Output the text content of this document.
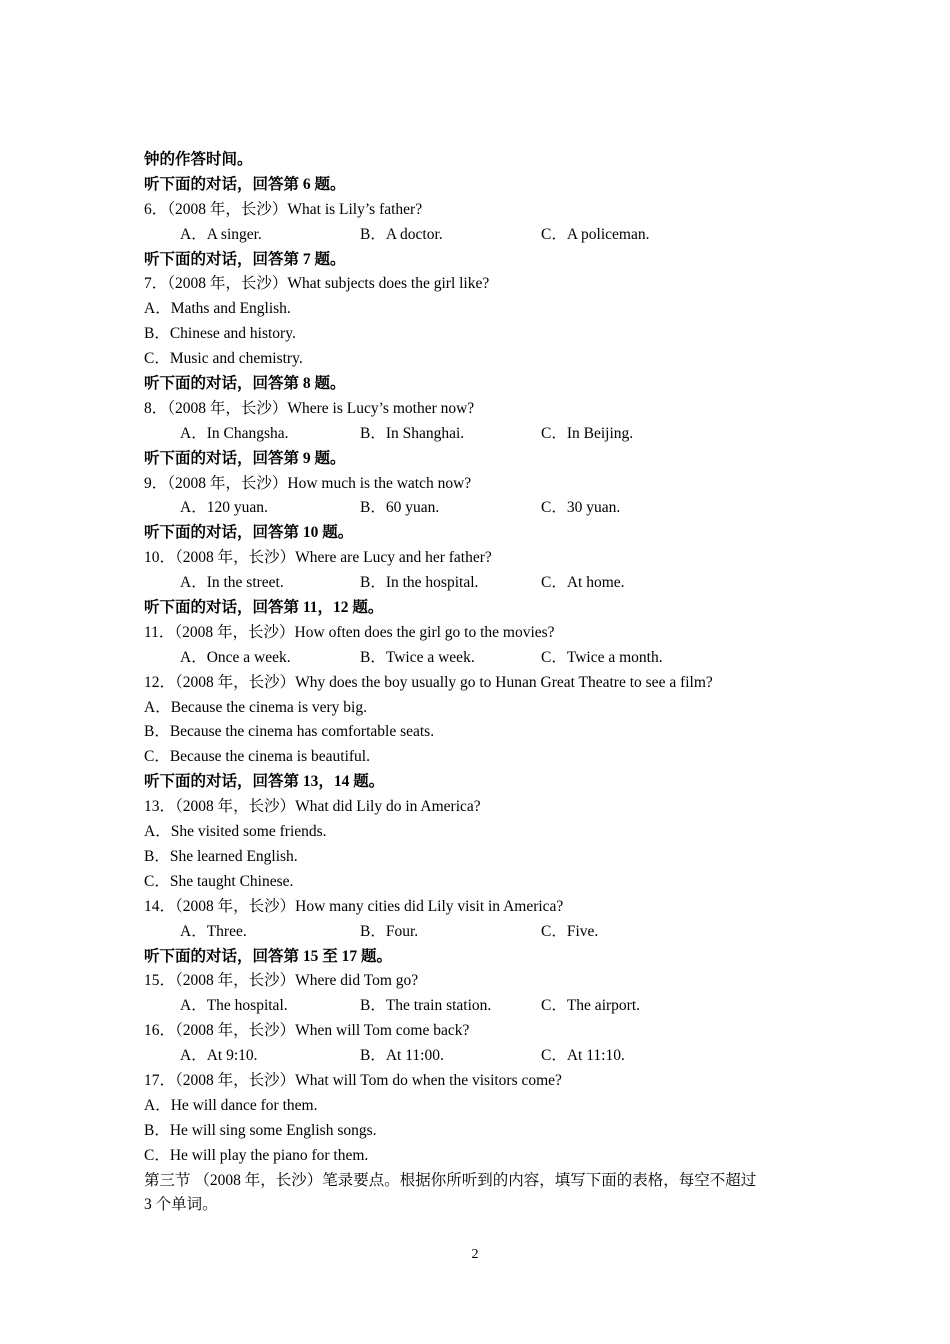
钟的作答时间。
听下面的对话，回答第 6 题。
6．（2008 年，长沙）What is Lily’s father?
A．A singer.	B．A doctor.	C．A policeman.
听下面的对话，回答第 7 题。
7．（2008 年，长沙）What subjects does the girl like?
A．Maths and English.
B．Chinese and history.
C．Music and chemistry.
听下面的对话，回答第 8 题。
8．（2008 年，长沙）Where is Lucy’s mother now?
A．In Changsha.	B．In Shanghai.	C．In Beijing.
听下面的对话，回答第 9 题。
9．（2008 年，长沙）How much is the watch now?
A．120 yuan.	B．60 yuan.	C．30 yuan.
听下面的对话，回答第 10 题。
10．（2008 年，长沙）Where are Lucy and her father?
A．In the street.	B．In the hospital.	C．At home.
听下面的对话，回答第 11，12 题。
11．（2008 年，长沙）How often does the girl go to the movies?
A．Once a week.	B．Twice a week.	C．Twice a month.
12．（2008 年，长沙）Why does the boy usually go to Hunan Great Theatre to see a film?
A．Because the cinema is very big.
B．Because the cinema has comfortable seats.
C．Because the cinema is beautiful.
听下面的对话，回答第 13，14 题。
13．（2008 年，长沙）What did Lily do in America?
A．She visited some friends.
B．She learned English.
C．She taught Chinese.
14．（2008 年，长沙）How many cities did Lily visit in America?
A．Three.	B．Four.	C．Five.
听下面的对话，回答第 15 至 17 题。
15．（2008 年，长沙）Where did Tom go?
A．The hospital.	B．The train station.	C．The airport.
16．（2008 年，长沙）When will Tom come back?
A．At 9:10.	B．At 11:00.	C．At 11:10.
17．（2008 年，长沙）What will Tom do when the visitors come?
A．He will dance for them.
B．He will sing some English songs.
C．He will play the piano for them.
第三节 （2008 年，长沙）笔录要点。根据你所听到的内容，填写下面的表格，每空不超过
3 个单词。
2
